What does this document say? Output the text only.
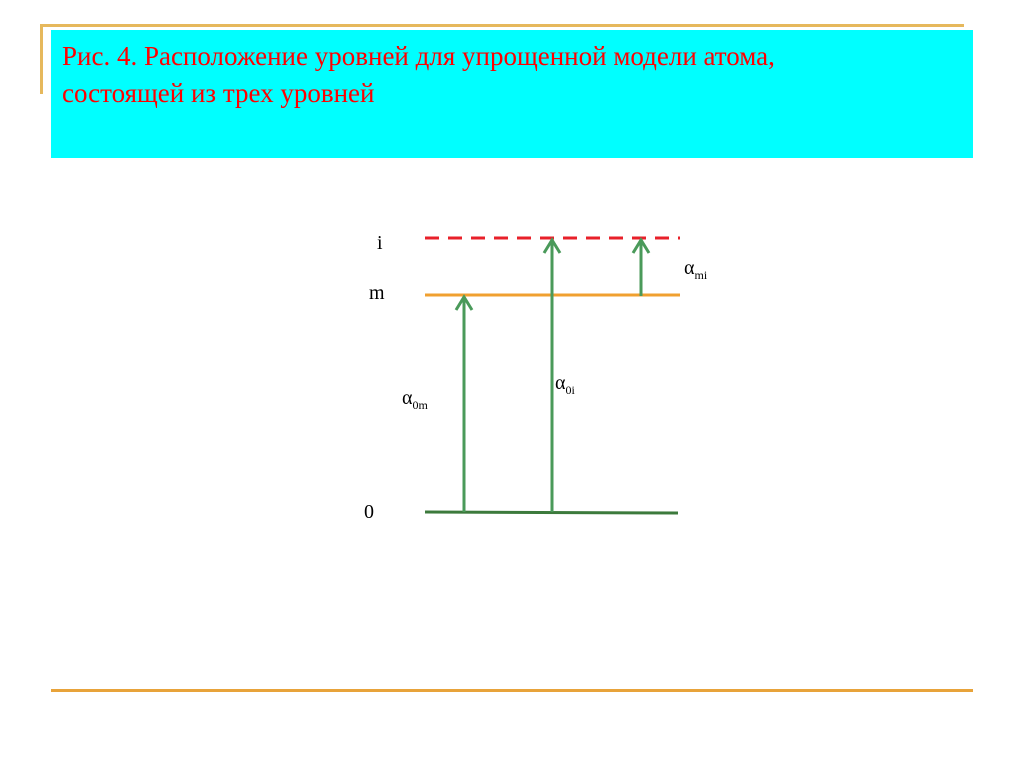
Рис. 4. Расположение уровней для упрощенной модели атома,
состоящей из трех уровней
i
m
0
$\alpha_{0m}$
$\alpha_{0i}$
$\alpha_{mi}$
